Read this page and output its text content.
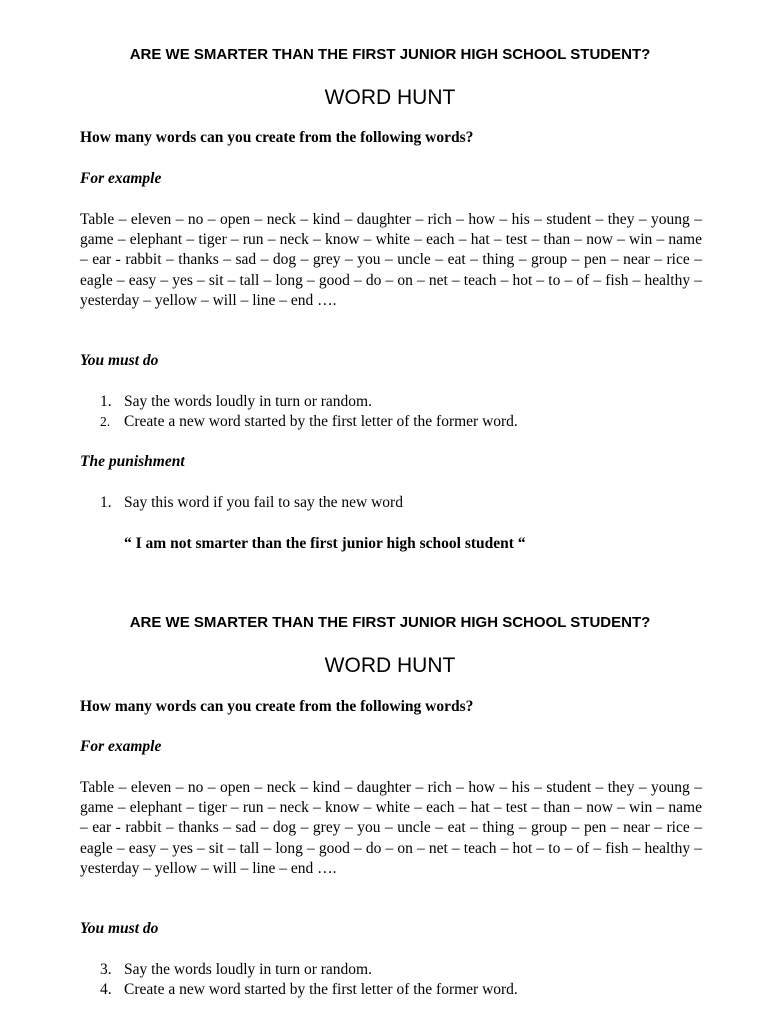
ARE WE SMARTER THAN THE FIRST JUNIOR HIGH SCHOOL STUDENT?
WORD HUNT
How many words can you create from the following words?
For example
Table – eleven – no – open – neck – kind – daughter – rich – how – his – student – they – young – game – elephant – tiger – run – neck – know – white – each – hat – test – than – now – win – name – ear - rabbit – thanks – sad – dog – grey – you – uncle – eat – thing – group – pen – near – rice – eagle – easy – yes – sit – tall – long – good – do – on – net – teach – hot – to – of – fish – healthy – yesterday – yellow – will – line – end ….
You must do
1. Say the words loudly in turn or random.
2. Create a new word started by the first letter of the former word.
The punishment
1. Say this word if you fail to say the new word
“ I am not smarter than the first junior high school student “
ARE WE SMARTER THAN THE FIRST JUNIOR HIGH SCHOOL STUDENT?
WORD HUNT
How many words can you create from the following words?
For example
Table – eleven – no – open – neck – kind – daughter – rich – how – his – student – they – young – game – elephant – tiger – run – neck – know – white – each – hat – test – than – now – win – name – ear - rabbit – thanks – sad – dog – grey – you – uncle – eat – thing – group – pen – near – rice – eagle – easy – yes – sit – tall – long – good – do – on – net – teach – hot – to – of – fish – healthy – yesterday – yellow – will – line – end ….
You must do
3. Say the words loudly in turn or random.
4. Create a new word started by the first letter of the former word.
